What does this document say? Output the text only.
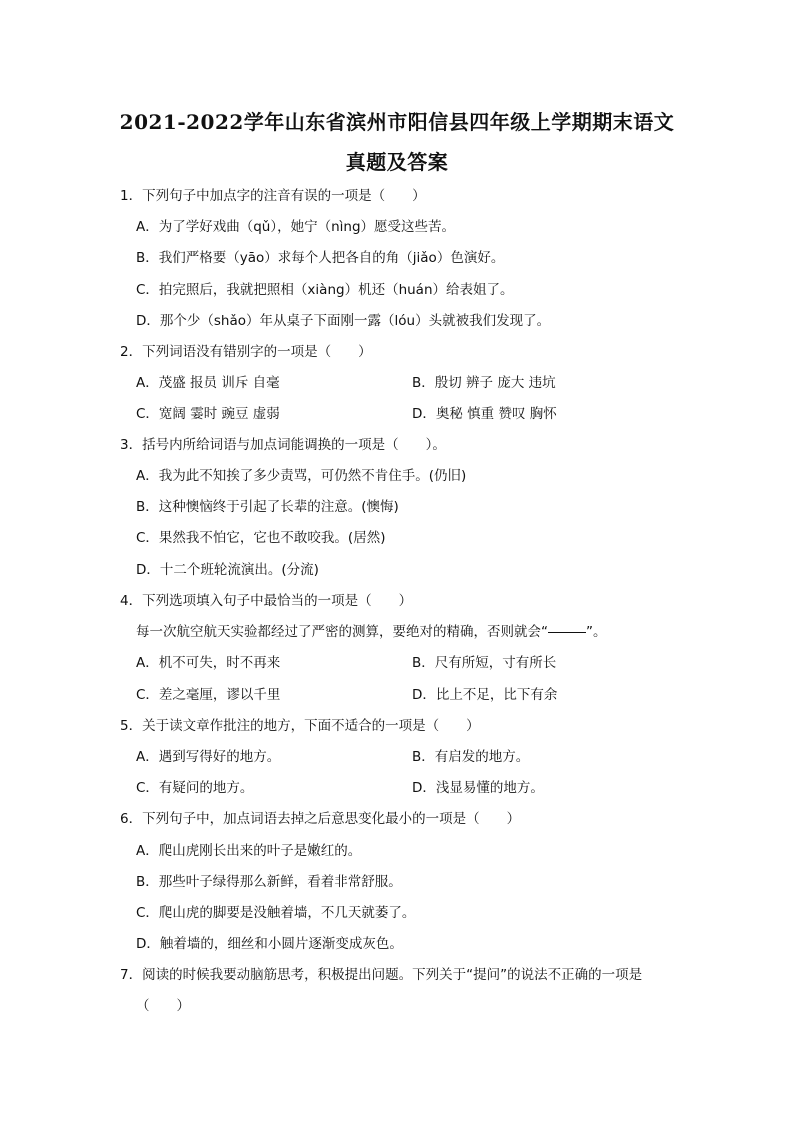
2021-2022学年山东省滨州市阳信县四年级上学期期末语文
真题及答案
1．下列句子中加点字的注音有误的一项是（　　）
A．为了学好戏曲（qǔ），她宁（nìng）愿受这些苦。
B．我们严格要（yāo）求每个人把各自的角（jiǎo）色演好。
C．拍完照后，我就把照相（xiàng）机还（huán）给表姐了。
D．那个少（shǎo）年从桌子下面刚一露（lóu）头就被我们发现了。
2．下列词语没有错别字的一项是（　　）
A．茂盛 报员 训斥 自毫	B．殷切 辨子 庞大 违坑
C．宽阔 霎时 豌豆 虚弱	D．奥秘 慎重 赞叹 胸怀
3．括号内所给词语与加点词能调换的一项是（　　）。
A．我为此不知挨了多少责骂，可仍然不肯住手。(仍旧)
B．这种懊恼终于引起了长辈的注意。(懊悔)
C．果然我不怕它，它也不敢咬我。(居然)
D．十二个班轮流演出。(分流)
4．下列选项填入句子中最恰当的一项是（　　）
每一次航空航天实验都经过了严密的测算，要绝对的精确，否则就会“	”。
A．机不可失，时不再来	B．尺有所短，寸有所长
C．差之毫厘，谬以千里	D．比上不足，比下有余
5．关于读文章作批注的地方，下面不适合的一项是（　　）
A．遇到写得好的地方。	B．有启发的地方。
C．有疑问的地方。	D．浅显易懂的地方。
6．下列句子中，加点词语去掉之后意思变化最小的一项是（　　）
A．爬山虎刚长出来的叶子是嫩红的。
B．那些叶子绿得那么新鲜，看着非常舒服。
C．爬山虎的脚要是没触着墙，不几天就萎了。
D．触着墙的，细丝和小圆片逐渐变成灰色。
7．阅读的时候我要动脑筋思考，积极提出问题。下列关于“提问”的说法不正确的一项是
（　　）
